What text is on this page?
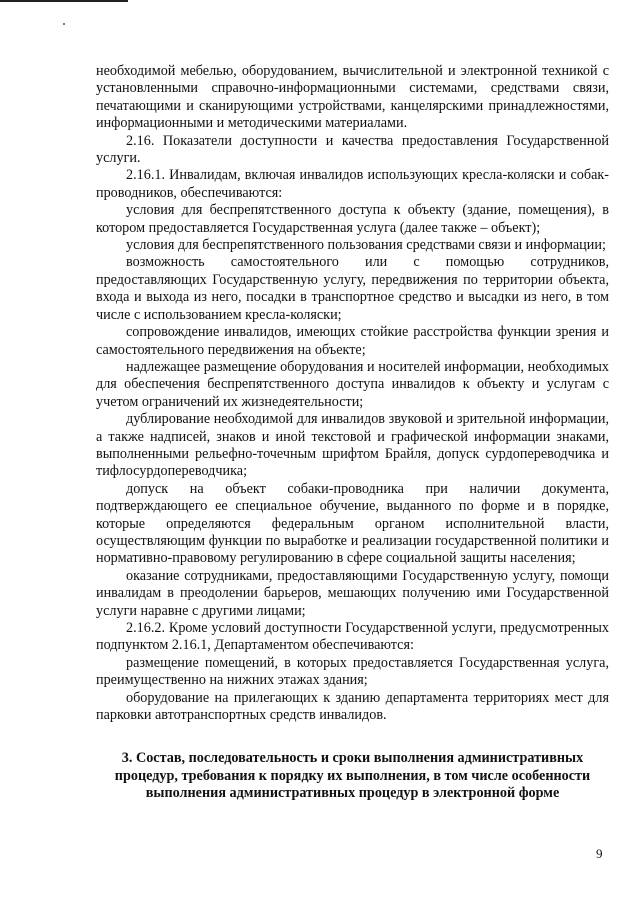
необходимой мебелью, оборудованием, вычислительной и электронной техникой с установленными справочно-информационными системами, средствами связи, печатающими и сканирующими устройствами, канцелярскими принадлежностями, информационными и методическими материалами.

2.16. Показатели доступности и качества предоставления Государственной услуги.

2.16.1. Инвалидам, включая инвалидов использующих кресла-коляски и собак-проводников, обеспечиваются:

условия для беспрепятственного доступа к объекту (здание, помещения), в котором предоставляется Государственная услуга (далее также – объект);

условия для беспрепятственного пользования средствами связи и информации;

возможность самостоятельного или с помощью сотрудников, предоставляющих Государственную услугу, передвижения по территории объекта, входа и выхода из него, посадки в транспортное средство и высадки из него, в том числе с использованием кресла-коляски;

сопровождение инвалидов, имеющих стойкие расстройства функции зрения и самостоятельного передвижения на объекте;

надлежащее размещение оборудования и носителей информации, необходимых для обеспечения беспрепятственного доступа инвалидов к объекту и услугам с учетом ограничений их жизнедеятельности;

дублирование необходимой для инвалидов звуковой и зрительной информации, а также надписей, знаков и иной текстовой и графической информации знаками, выполненными рельефно-точечным шрифтом Брайля, допуск сурдопереводчика и тифлосурдопереводчика;

допуск на объект собаки-проводника при наличии документа, подтверждающего ее специальное обучение, выданного по форме и в порядке, которые определяются федеральным органом исполнительной власти, осуществляющим функции по выработке и реализации государственной политики и нормативно-правовому регулированию в сфере социальной защиты населения;

оказание сотрудниками, предоставляющими Государственную услугу, помощи инвалидам в преодолении барьеров, мешающих получению ими Государственной услуги наравне с другими лицами;

2.16.2. Кроме условий доступности Государственной услуги, предусмотренных подпунктом 2.16.1, Департаментом обеспечиваются:

размещение помещений, в которых предоставляется Государственная услуга, преимущественно на нижних этажах здания;

оборудование на прилегающих к зданию департамента территориях мест для парковки автотранспортных средств инвалидов.

3. Состав, последовательность и сроки выполнения административных процедур, требования к порядку их выполнения, в том числе особенности выполнения административных процедур в электронной форме

9
